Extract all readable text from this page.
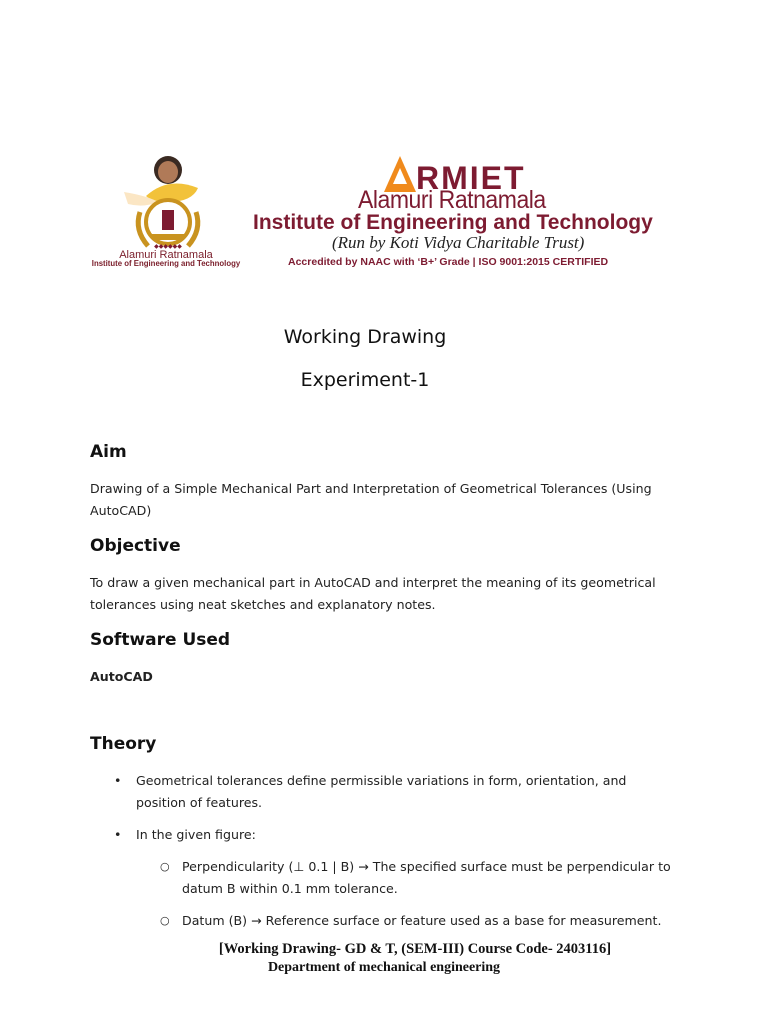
◆◆◆◆◆◆
Alamuri Ratnamala
Institute of Engineering and Technology
RMIET
Alamuri Ratnamala
Institute of Engineering and Technology
(Run by Koti Vidya Charitable Trust)
Accredited by NAAC with ‘B+’ Grade | ISO 9001:2015 CERTIFIED
Working Drawing
Experiment-1
Aim
Drawing of a Simple Mechanical Part and Interpretation of Geometrical Tolerances (Using AutoCAD)
Objective
To draw a given mechanical part in AutoCAD and interpret the meaning of its geometrical tolerances using neat sketches and explanatory notes.
Software Used
AutoCAD
Theory
• Geometrical tolerances define permissible variations in form, orientation, and position of features.
• In the given figure:
○ Perpendicularity (⊥ 0.1 | B) → The specified surface must be perpendicular to datum B within 0.1 mm tolerance.
○ Datum (B) → Reference surface or feature used as a base for measurement.
[Working Drawing- GD & T, (SEM-III) Course Code- 2403116]
Department of mechanical engineering
